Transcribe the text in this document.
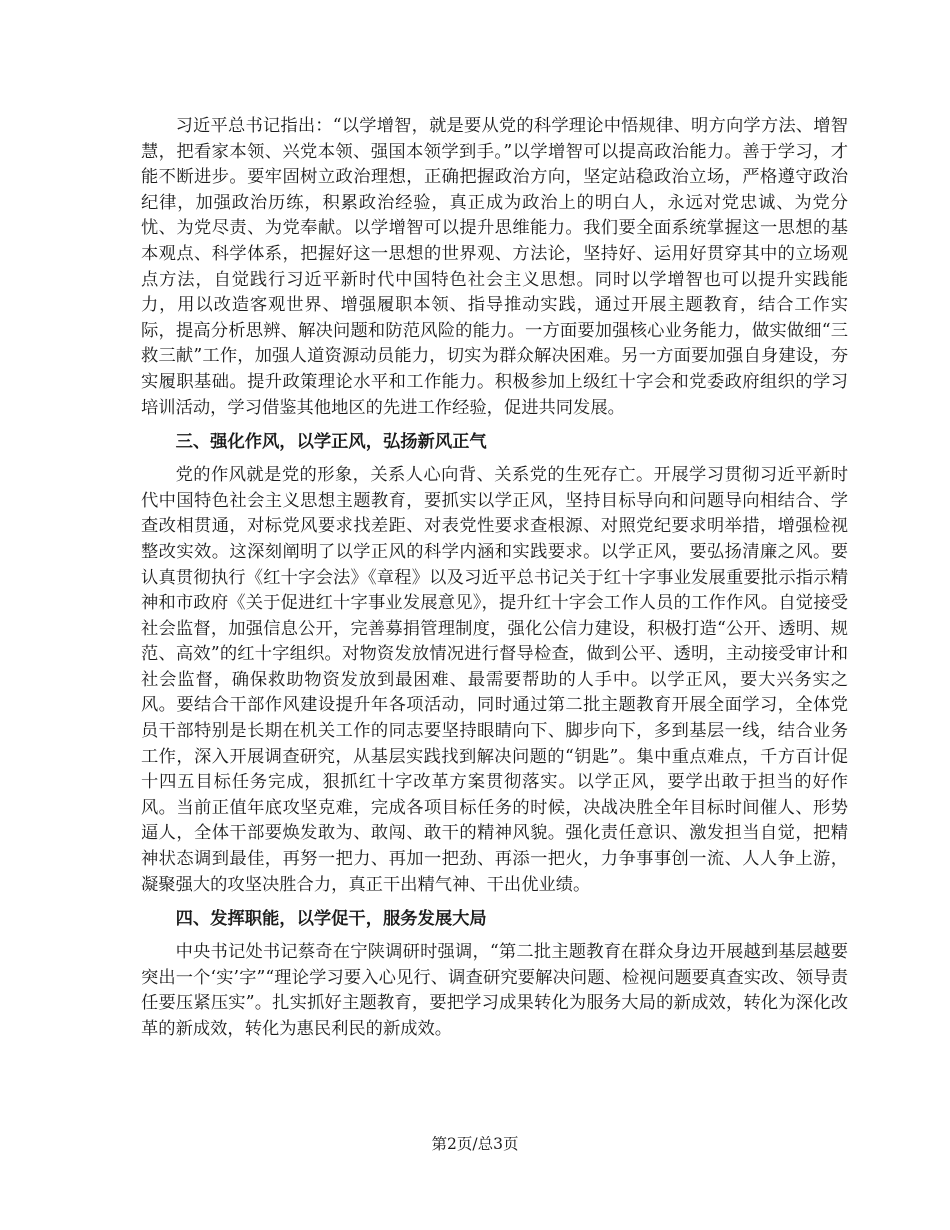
习近平总书记指出：“以学增智，就是要从党的科学理论中悟规律、明方向学方法、增智慧，把看家本领、兴党本领、强国本领学到手。”以学增智可以提高政治能力。善于学习，才能不断进步。要牢固树立政治理想，正确把握政治方向，坚定站稳政治立场，严格遵守政治纪律，加强政治历练，积累政治经验，真正成为政治上的明白人，永远对党忠诚、为党分忧、为党尽责、为党奉献。以学增智可以提升思维能力。我们要全面系统掌握这一思想的基本观点、科学体系，把握好这一思想的世界观、方法论，坚持好、运用好贯穿其中的立场观点方法，自觉践行习近平新时代中国特色社会主义思想。同时以学增智也可以提升实践能力，用以改造客观世界、增强履职本领、指导推动实践，通过开展主题教育，结合工作实际，提高分析思辨、解决问题和防范风险的能力。一方面要加强核心业务能力，做实做细“三救三献”工作，加强人道资源动员能力，切实为群众解决困难。另一方面要加强自身建设，夯实履职基础。提升政策理论水平和工作能力。积极参加上级红十字会和党委政府组织的学习培训活动，学习借鉴其他地区的先进工作经验，促进共同发展。

三、强化作风，以学正风，弘扬新风正气

党的作风就是党的形象，关系人心向背、关系党的生死存亡。开展学习贯彻习近平新时代中国特色社会主义思想主题教育，要抓实以学正风，坚持目标导向和问题导向相结合、学查改相贯通，对标党风要求找差距、对表党性要求查根源、对照党纪要求明举措，增强检视整改实效。这深刻阐明了以学正风的科学内涵和实践要求。以学正风，要弘扬清廉之风。要认真贯彻执行《红十字会法》《章程》以及习近平总书记关于红十字事业发展重要批示指示精神和市政府《关于促进红十字事业发展意见》，提升红十字会工作人员的工作作风。自觉接受社会监督，加强信息公开，完善募捐管理制度，强化公信力建设，积极打造“公开、透明、规范、高效”的红十字组织。对物资发放情况进行督导检查，做到公平、透明，主动接受审计和社会监督，确保救助物资发放到最困难、最需要帮助的人手中。以学正风，要大兴务实之风。要结合干部作风建设提升年各项活动，同时通过第二批主题教育开展全面学习，全体党员干部特别是长期在机关工作的同志要坚持眼睛向下、脚步向下，多到基层一线，结合业务工作，深入开展调查研究，从基层实践找到解决问题的“钥匙”。集中重点难点，千方百计促十四五目标任务完成，狠抓红十字改革方案贯彻落实。以学正风，要学出敢于担当的好作风。当前正值年底攻坚克难，完成各项目标任务的时候，决战决胜全年目标时间催人、形势逼人，全体干部要焕发敢为、敢闯、敢干的精神风貌。强化责任意识、激发担当自觉，把精神状态调到最佳，再努一把力、再加一把劲、再添一把火，力争事事创一流、人人争上游，凝聚强大的攻坚决胜合力，真正干出精气神、干出优业绩。

四、发挥职能，以学促干，服务发展大局

中央书记处书记蔡奇在宁陕调研时强调，“第二批主题教育在群众身边开展越到基层越要突出一个‘实’字”“理论学习要入心见行、调查研究要解决问题、检视问题要真查实改、领导责任要压紧压实”。扎实抓好主题教育，要把学习成果转化为服务大局的新成效，转化为深化改革的新成效，转化为惠民利民的新成效。

第2页/总3页
